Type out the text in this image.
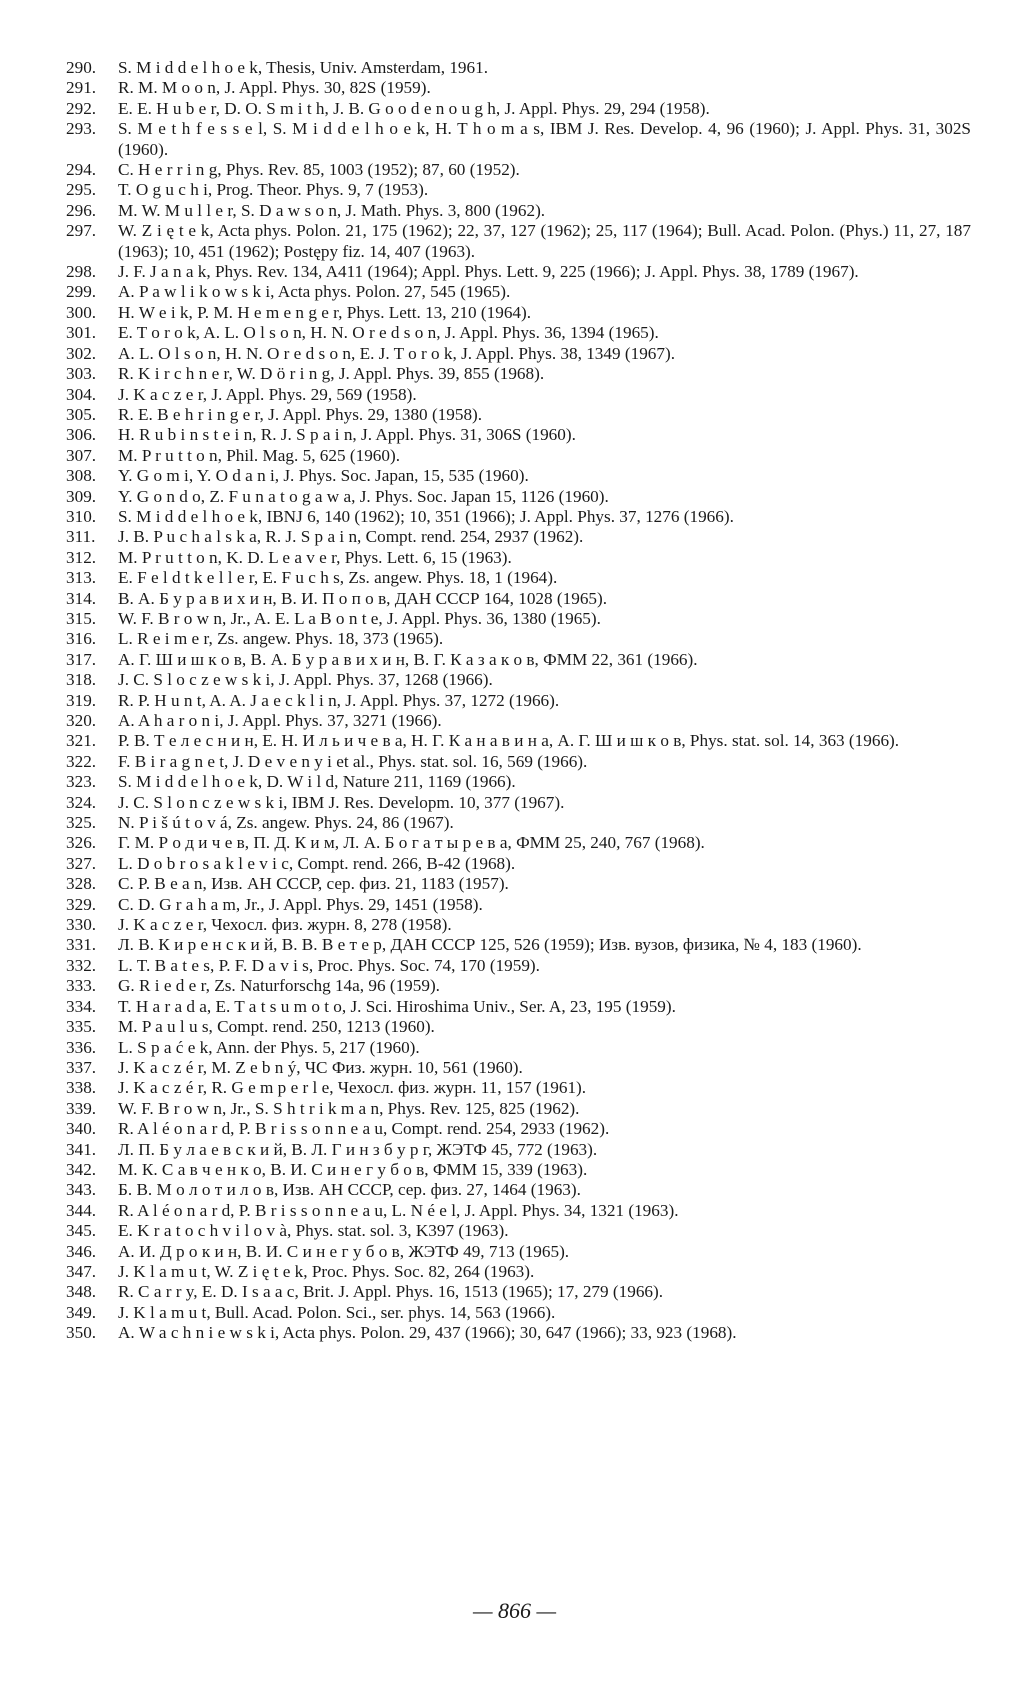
290.	S. M i d d e l h o e k, Thesis, Univ. Amsterdam, 1961.
291.	R. M. M o o n, J. Appl. Phys. 30, 82S (1959).
292.	E. E. H u b e r, D. O. S m i t h, J. B. G o o d e n o u g h, J. Appl. Phys. 29, 294 (1958).
293.	S. M e t h f e s s e l, S. M i d d e l h o e k, H. T h o m a s, IBM J. Res. Develop. 4, 96 (1960); J. Appl. Phys. 31, 302S (1960).
294.	C. H e r r i n g, Phys. Rev. 85, 1003 (1952); 87, 60 (1952).
295.	T. O g u c h i, Prog. Theor. Phys. 9, 7 (1953).
296.	M. W. M u l l e r, S. D a w s o n, J. Math. Phys. 3, 800 (1962).
297.	W. Z i ę t e k, Acta phys. Polon. 21, 175 (1962); 22, 37, 127 (1962); 25, 117 (1964); Bull. Acad. Polon. (Phys.) 11, 27, 187 (1963); 10, 451 (1962); Postępy fiz. 14, 407 (1963).
298.	J. F. J a n a k, Phys. Rev. 134, A411 (1964); Appl. Phys. Lett. 9, 225 (1966); J. Appl. Phys. 38, 1789 (1967).
299.	A. P a w l i k o w s k i, Acta phys. Polon. 27, 545 (1965).
300.	H. W e i k, P. M. H e m e n g e r, Phys. Lett. 13, 210 (1964).
301.	E. T o r o k, A. L. O l s o n, H. N. O r e d s o n, J. Appl. Phys. 36, 1394 (1965).
302.	A. L. O l s o n, H. N. O r e d s o n, E. J. T o r o k, J. Appl. Phys. 38, 1349 (1967).
303.	R. K i r c h n e r, W. D ö r i n g, J. Appl. Phys. 39, 855 (1968).
304.	J. K a c z e r, J. Appl. Phys. 29, 569 (1958).
305.	R. E. B e h r i n g e r, J. Appl. Phys. 29, 1380 (1958).
306.	H. R u b i n s t e i n, R. J. S p a i n, J. Appl. Phys. 31, 306S (1960).
307.	M. P r u t t o n, Phil. Mag. 5, 625 (1960).
308.	Y. G o m i, Y. O d a n i, J. Phys. Soc. Japan, 15, 535 (1960).
309.	Y. G o n d o, Z. F u n a t o g a w a, J. Phys. Soc. Japan 15, 1126 (1960).
310.	S. M i d d e l h o e k, IBNJ 6, 140 (1962); 10, 351 (1966); J. Appl. Phys. 37, 1276 (1966).
311.	J. B. P u c h a l s k a, R. J. S p a i n, Compt. rend. 254, 2937 (1962).
312.	M. P r u t t o n, K. D. L e a v e r, Phys. Lett. 6, 15 (1963).
313.	E. F e l d t k e l l e r, E. F u c h s, Zs. angew. Phys. 18, 1 (1964).
314.	В. А. Б у р а в и х и н, В. И. П о п о в, ДАН СССР 164, 1028 (1965).
315.	W. F. B r o w n, Jr., A. E. L a B o n t e, J. Appl. Phys. 36, 1380 (1965).
316.	L. R e i m e r, Zs. angew. Phys. 18, 373 (1965).
317.	А. Г. Ш и ш к о в, В. А. Б у р а в и х и н, В. Г. К а з а к о в, ФММ 22, 361 (1966).
318.	J. C. S l o c z e w s k i, J. Appl. Phys. 37, 1268 (1966).
319.	R. P. H u n t, A. A. J a e c k l i n, J. Appl. Phys. 37, 1272 (1966).
320.	A. A h a r o n i, J. Appl. Phys. 37, 3271 (1966).
321.	Р. В. Т е л е с н и н, Е. Н. И л ь и ч е в а, Н. Г. К а н а в и н а, А. Г. Ш и ш к о в, Phys. stat. sol. 14, 363 (1966).
322.	F. B i r a g n e t, J. D e v e n y i et al., Phys. stat. sol. 16, 569 (1966).
323.	S. M i d d e l h o e k, D. W i l d, Nature 211, 1169 (1966).
324.	J. C. S l o n c z e w s k i, IBM J. Res. Developm. 10, 377 (1967).
325.	N. P i š ú t o v á, Zs. angew. Phys. 24, 86 (1967).
326.	Г. М. Р о д и ч е в, П. Д. К и м, Л. А. Б о г а т ы р е в а, ФММ 25, 240, 767 (1968).
327.	L. D o b r o s a k l e v i c, Compt. rend. 266, B-42 (1968).
328.	C. P. B e a n, Изв. АН СССР, сер. физ. 21, 1183 (1957).
329.	C. D. G r a h a m, Jr., J. Appl. Phys. 29, 1451 (1958).
330.	J. K a c z e r, Чехосл. физ. журн. 8, 278 (1958).
331.	Л. В. К и р е н с к и й, В. В. В е т е р, ДАН СССР 125, 526 (1959); Изв. вузов, физика, № 4, 183 (1960).
332.	L. T. B a t e s, P. F. D a v i s, Proc. Phys. Soc. 74, 170 (1959).
333.	G. R i e d e r, Zs. Naturforschg 14a, 96 (1959).
334.	T. H a r a d a, E. T a t s u m o t o, J. Sci. Hiroshima Univ., Ser. A, 23, 195 (1959).
335.	M. P a u l u s, Compt. rend. 250, 1213 (1960).
336.	L. S p a ć e k, Ann. der Phys. 5, 217 (1960).
337.	J. K a c z é r, M. Z e b n ý, ЧС Физ. журн. 10, 561 (1960).
338.	J. K a c z é r, R. G e m p e r l e, Чехосл. физ. журн. 11, 157 (1961).
339.	W. F. B r o w n, Jr., S. S h t r i k m a n, Phys. Rev. 125, 825 (1962).
340.	R. A l é o n a r d, P. B r i s s o n n e a u, Compt. rend. 254, 2933 (1962).
341.	Л. П. Б у л а е в с к и й, В. Л. Г и н з б у р г, ЖЭТФ 45, 772 (1963).
342.	М. К. С а в ч е н к о, В. И. С и н е г у б о в, ФММ 15, 339 (1963).
343.	Б. В. М о л о т и л о в, Изв. АН СССР, сер. физ. 27, 1464 (1963).
344.	R. A l é o n a r d, P. B r i s s o n n e a u, L. N é e l, J. Appl. Phys. 34, 1321 (1963).
345.	E. K r a t o c h v i l o v à, Phys. stat. sol. 3, K397 (1963).
346.	А. И. Д р о к и н, В. И. С и н е г у б о в, ЖЭТФ 49, 713 (1965).
347.	J. K l a m u t, W. Z i ę t e k, Proc. Phys. Soc. 82, 264 (1963).
348.	R. C a r r y, E. D. I s a a c, Brit. J. Appl. Phys. 16, 1513 (1965); 17, 279 (1966).
349.	J. K l a m u t, Bull. Acad. Polon. Sci., ser. phys. 14, 563 (1966).
350.	A. W a c h n i e w s k i, Acta phys. Polon. 29, 437 (1966); 30, 647 (1966); 33, 923 (1968).
— 866 —
